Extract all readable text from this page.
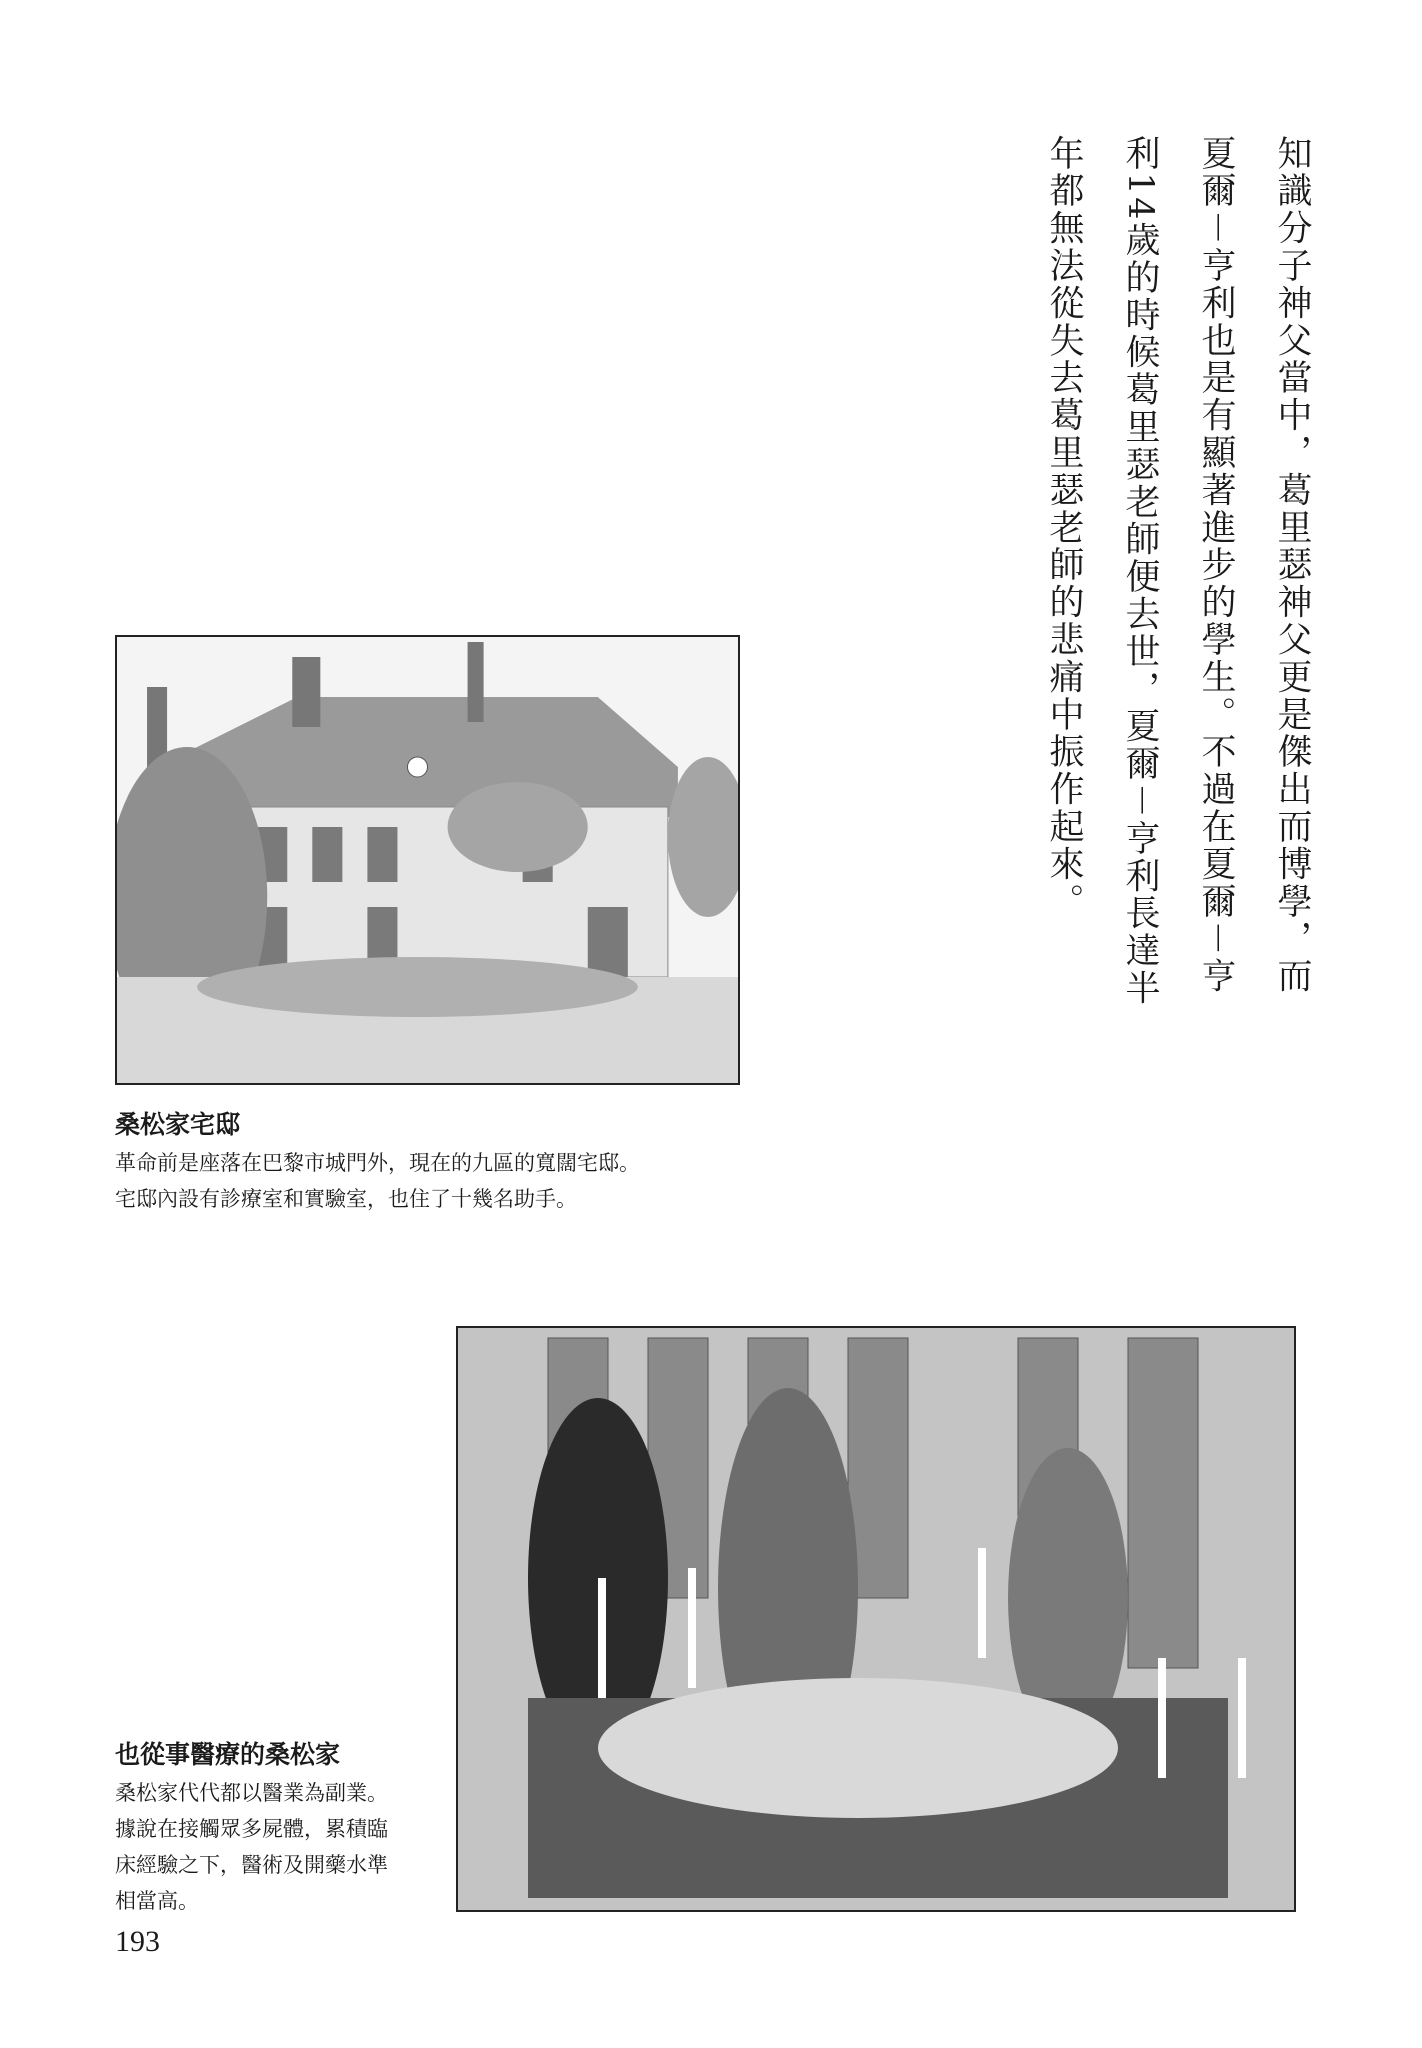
知識分子神父當中，葛里瑟神父更是傑出而博學，而
夏爾－亨利也是有顯著進步的學生。不過在夏爾－亨
利14歲的時候葛里瑟老師便去世，夏爾－亨利長達半
年都無法從失去葛里瑟老師的悲痛中振作起來。
桑松家宅邸
革命前是座落在巴黎市城門外，現在的九區的寬闊宅邸。
宅邸內設有診療室和實驗室，也住了十幾名助手。
也從事醫療的桑松家
桑松家代代都以醫業為副業。
據說在接觸眾多屍體，累積臨
床經驗之下，醫術及開藥水準
相當高。
193
